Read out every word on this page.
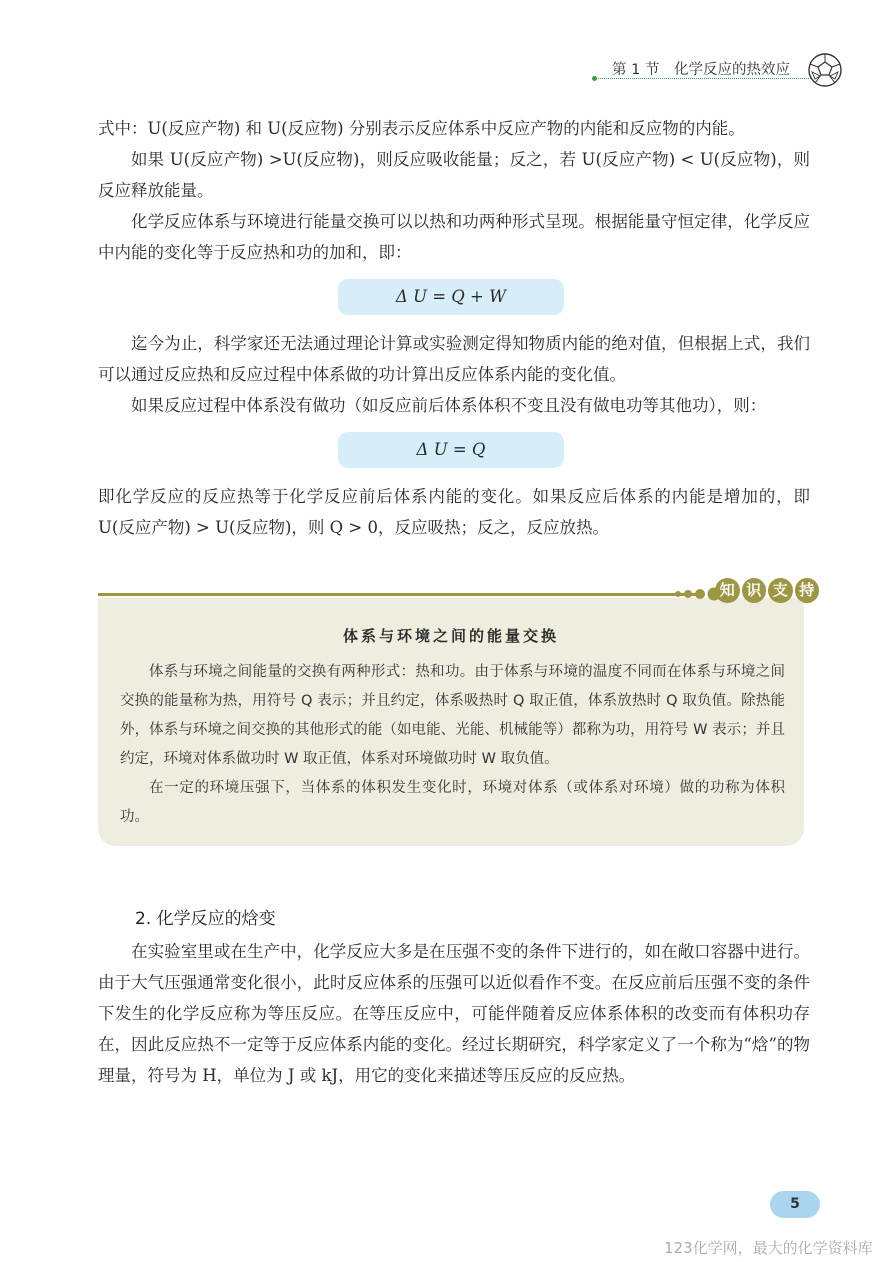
第 1 节　化学反应的热效应

式中：U(反应产物) 和 U(反应物) 分别表示反应体系中反应产物的内能和反应物的内能。

如果 U(反应产物) >U(反应物)，则反应吸收能量；反之，若 U(反应产物) < U(反应物)，则反应释放能量。

化学反应体系与环境进行能量交换可以以热和功两种形式呈现。根据能量守恒定律，化学反应中内能的变化等于反应热和功的加和，即：

Δ U = Q + W

迄今为止，科学家还无法通过理论计算或实验测定得知物质内能的绝对值，但根据上式，我们可以通过反应热和反应过程中体系做的功计算出反应体系内能的变化值。

如果反应过程中体系没有做功（如反应前后体系体积不变且没有做电功等其他功），则：

Δ U = Q

即化学反应的反应热等于化学反应前后体系内能的变化。如果反应后体系的内能是增加的，即 U(反应产物) > U(反应物)，则 Q > 0，反应吸热；反之，反应放热。

知 识 支 持
体系与环境之间的能量交换

体系与环境之间能量的交换有两种形式：热和功。由于体系与环境的温度不同而在体系与环境之间交换的能量称为热，用符号 Q 表示；并且约定，体系吸热时 Q 取正值，体系放热时 Q 取负值。除热能外，体系与环境之间交换的其他形式的能（如电能、光能、机械能等）都称为功，用符号 W 表示；并且约定，环境对体系做功时 W 取正值，体系对环境做功时 W 取负值。

在一定的环境压强下，当体系的体积发生变化时，环境对体系（或体系对环境）做的功称为体积功。

2. 化学反应的焓变

在实验室里或在生产中，化学反应大多是在压强不变的条件下进行的，如在敞口容器中进行。由于大气压强通常变化很小，此时反应体系的压强可以近似看作不变。在反应前后压强不变的条件下发生的化学反应称为等压反应。在等压反应中，可能伴随着反应体系体积的改变而有体积功存在，因此反应热不一定等于反应体系内能的变化。经过长期研究，科学家定义了一个称为“焓”的物理量，符号为 H，单位为 J 或 kJ，用它的变化来描述等压反应的反应热。

5
123化学网，最大的化学资料库
